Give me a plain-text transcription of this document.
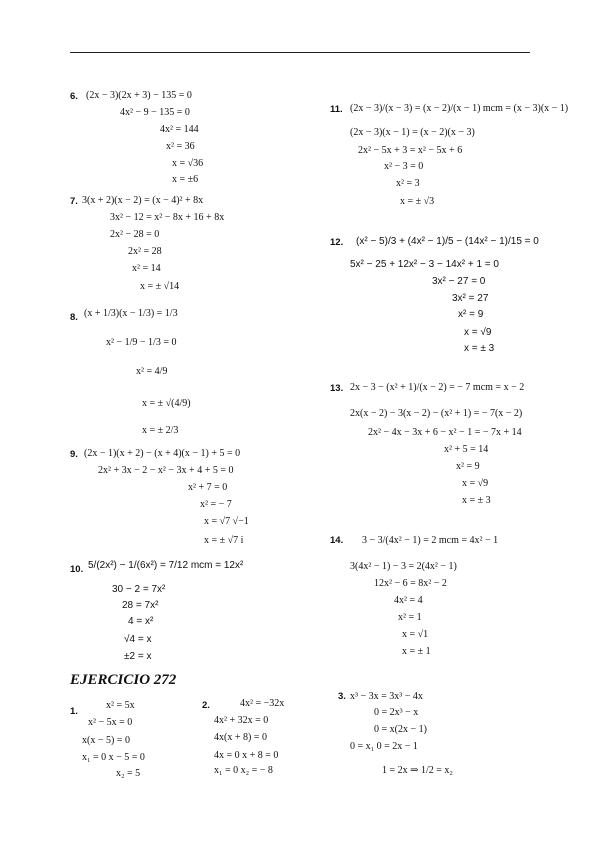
6. (2x − 3)(2x + 3) − 135 = 0
4x² − 9 − 135 = 0
4x² = 144
x² = 36
x = √36
x = ±6
7. 3(x + 2)(x − 2) = (x − 4)² + 8x
3x² − 12 = x² − 8x + 16 + 8x
2x² − 28 = 0
2x² = 28
x² = 14
x = ± √14
8. (x + 1/3)(x − 1/3) = 1/3
x² − 1/9 − 1/3 = 0
x² = 4/9
x = ± √(4/9)
x = ± 2/3
9. (2x − 1)(x + 2) − (x + 4)(x − 1) + 5 = 0
2x² + 3x − 2 − x² − 3x + 4 + 5 = 0
x² + 7 = 0
x² = − 7
x = √7 √−1
x = ± √7 i
10. 5/(2x²) − 1/(6x²) = 7/12 mcm = 12x²
30 − 2 = 7x²
28 = 7x²
4 = x²
√4 = x
±2 = x
11. (2x − 3)/(x − 3) = (x − 2)/(x − 1) mcm = (x − 3)(x − 1)
(2x − 3)(x − 1) = (x − 2)(x − 3)
2x² − 5x + 3 = x² − 5x + 6
x² − 3 = 0
x² = 3
x = ± √3
12. (x² − 5)/3 + (4x² − 1)/5 − (14x² − 1)/15 = 0
5x² − 25 + 12x² − 3 − 14x² + 1 = 0
3x² − 27 = 0
3x² = 27
x² = 9
x = √9
x = ± 3
13. 2x − 3 − (x² + 1)/(x − 2) = − 7 mcm = x − 2
2x(x − 2) − 3(x − 2) − (x² + 1) = − 7(x − 2)
2x² − 4x − 3x + 6 − x² − 1 = − 7x + 14
x² + 5 = 14
x² = 9
x = √9
x = ± 3
14. 3 − 3/(4x² − 1) = 2 mcm = 4x² − 1
3(4x² − 1) − 3 = 2(4x² − 1)
12x² − 6 = 8x² − 2
4x² = 4
x² = 1
x = √1
x = ± 1
EJERCICIO 272
1.
x² = 5x
x² − 5x = 0
x(x − 5) = 0
x₁ = 0 x − 5 = 0
x₂ = 5
2.	4x² = −32x
4x² + 32x = 0
4x(x + 8) = 0
4x = 0 x + 8 = 0
x₁ = 0 x₂ = − 8
3. x³ − 3x = 3x³ − 4x
0 = 2x³ − x
0 = x(2x − 1)
0 = x₁ 0 = 2x − 1
1 = 2x ⇒ 1/2 = x₂
